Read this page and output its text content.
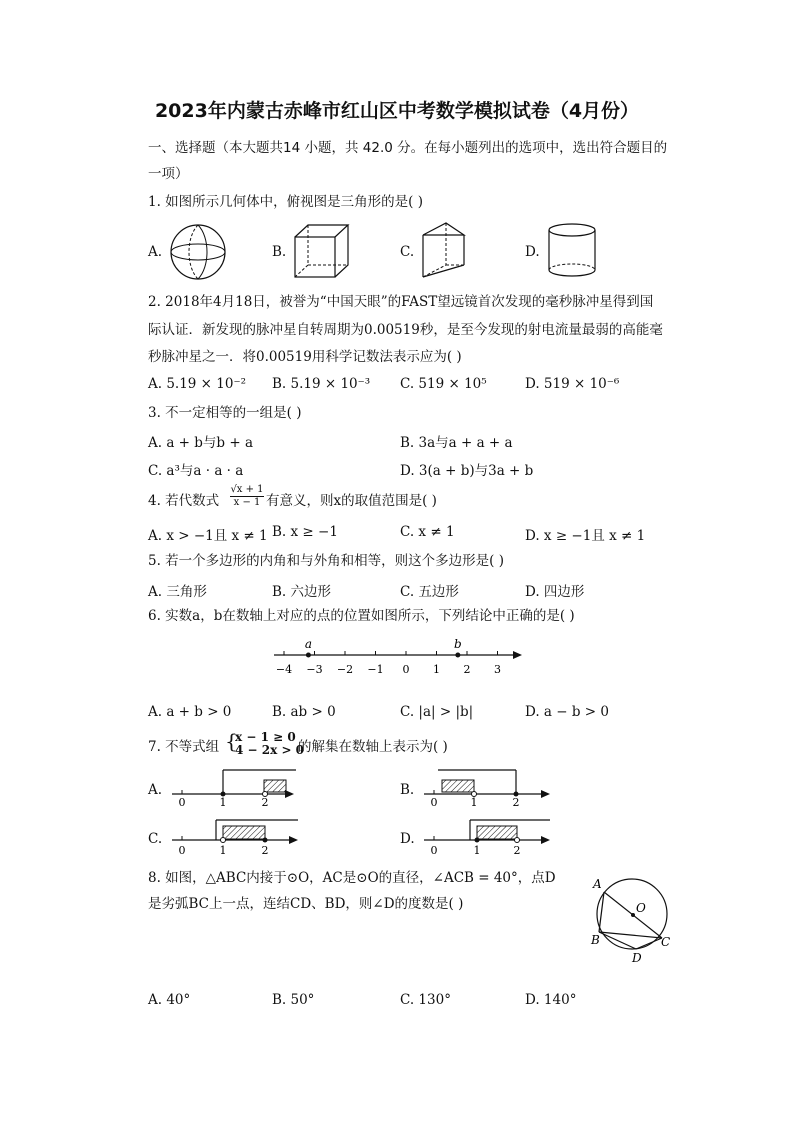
2023年内蒙古赤峰市红山区中考数学模拟试卷（4月份）
一、选择题（本大题共14 小题，共 42.0 分。在每小题列出的选项中，选出符合题目的
一项）
1. 如图所示几何体中，俯视图是三角形的是( )
A.	B.	C.	D.
2. 2018年4月18日，被誉为“中国天眼”的FAST望远镜首次发现的毫秒脉冲星得到国
际认证．新发现的脉冲星自转周期为0.00519秒，是至今发现的射电流量最弱的高能毫
秒脉冲星之一．将0.00519用科学记数法表示应为( )
A. 5.19 × 10⁻² B. 5.19 × 10⁻³ C. 519 × 10⁵	D. 519 × 10⁻⁶
3. 不一定相等的一组是( )
A. a + b与b + a	B. 3a与a + a + a
C. a³与a · a · a	D. 3(a + b)与3a + b
4. 若代数式 $\frac{√x + 1}{x - 1}$ 有意义，则x的取值范围是( )
A. x > −1且 x ≠ 1 B. x ≥ −1	C. x ≠ 1	D. x ≥ −1且 x ≠ 1
5. 若一个多边形的内角和与外角和相等，则这个多边形是( )
A. 三角形	B. 六边形	C. 五边形	D. 四边形
6. 实数a，b在数轴上对应的点的位置如图所示，下列结论中正确的是( )
−4 −3 −2 −1 0 1 2 3
a	b
A. a + b > 0	B. ab > 0	C. |a| > |b|	D. a − b > 0
7. 不等式组 {
x − 1 ≥ 0
4 − 2x > 0
的解集在数轴上表示为( )
A.	B.
C.	D.
0	1	2	0	1	2
0	1	2	0	1	2
8. 如图，△ABC内接于⊙O，AC是⊙O的直径，∠ACB = 40°，点D
是劣弧BC上一点，连结CD、BD，则∠D的度数是( )
A
O
B	C
D
A. 40°	B. 50°	C. 130°	D. 140°
